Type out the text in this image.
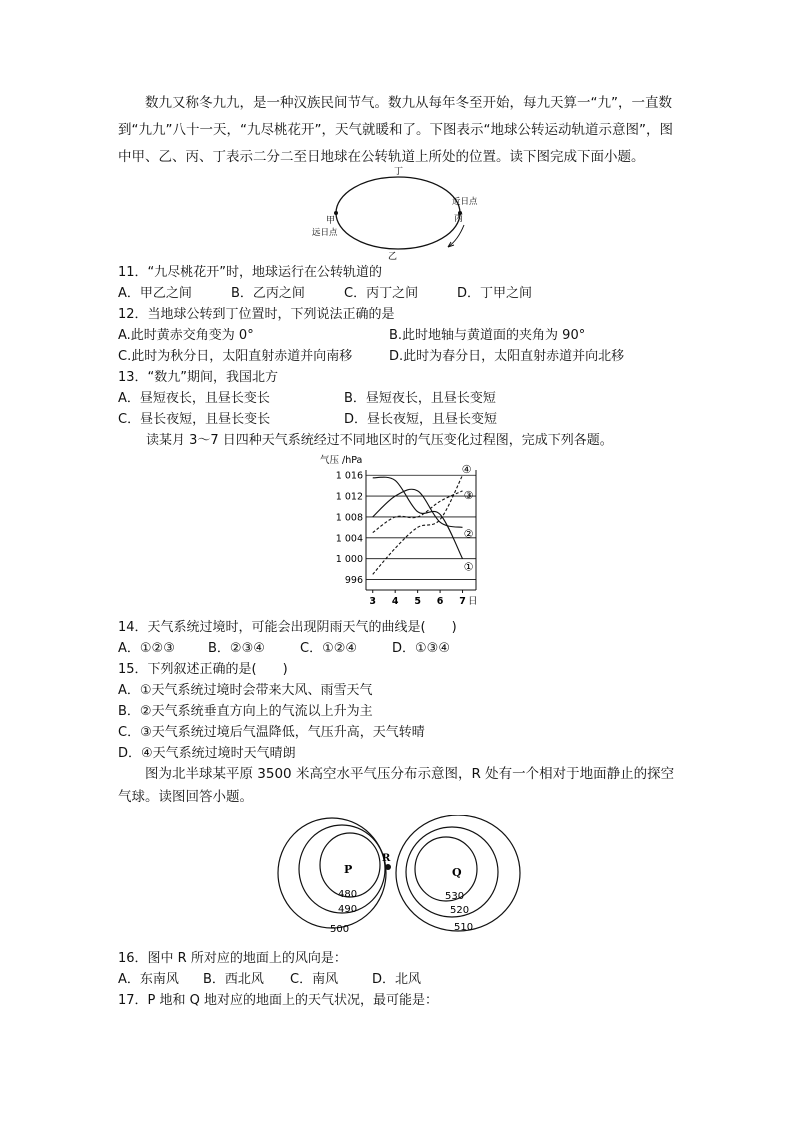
数九又称冬九九，是一种汉族民间节气。数九从每年冬至开始，每九天算一“九”，一直数到“九九”八十一天，“九尽桃花开”，天气就暖和了。下图表示“地球公转运动轨道示意图”，图中甲、乙、丙、丁表示二分二至日地球在公转轨道上所处的位置。读下图完成下面小题。
丁
近日点
丙
甲
远日点
乙
11．“九尽桃花开”时，地球运行在公转轨道的
A．甲乙之间	B．乙丙之间	C．丙丁之间	D．丁甲之间
12．当地球公转到丁位置时，下列说法正确的是
A.此时黄赤交角变为 0°	B.此时地轴与黄道面的夹角为 90°
C.此时为秋分日，太阳直射赤道并向南移	D.此时为春分日，太阳直射赤道并向北移
13．“数九”期间，我国北方
A．昼短夜长，且昼长变长	B．昼短夜长，且昼长变短
C．昼长夜短，且昼长变长	D．昼长夜短，且昼长变短
读某月 3～7 日四种天气系统经过不同地区时的气压变化过程图，完成下列各题。
气压 /hPa
日
1 016
1 012
1 008
1 004
1 000
996
3 4 5 6 7
①
②
③
④
14．天气系统过境时，可能会出现阴雨天气的曲线是(　　)
A．①②③	B．②③④	C．①②④	D．①③④
15．下列叙述正确的是(　　)
A．①天气系统过境时会带来大风、雨雪天气
B．②天气系统垂直方向上的气流以上升为主
C．③天气系统过境后气温降低，气压升高，天气转晴
D．④天气系统过境时天气晴朗
图为北半球某平原 3500 米高空水平气压分布示意图，R 处有一个相对于地面静止的探空气球。读图回答小题。
P	Q
R
480
490
500
530
520
510
16．图中 R 所对应的地面上的风向是：
A．东南风 B．西北风 C．南风	D．北风
17．P 地和 Q 地对应的地面上的天气状况，最可能是：
